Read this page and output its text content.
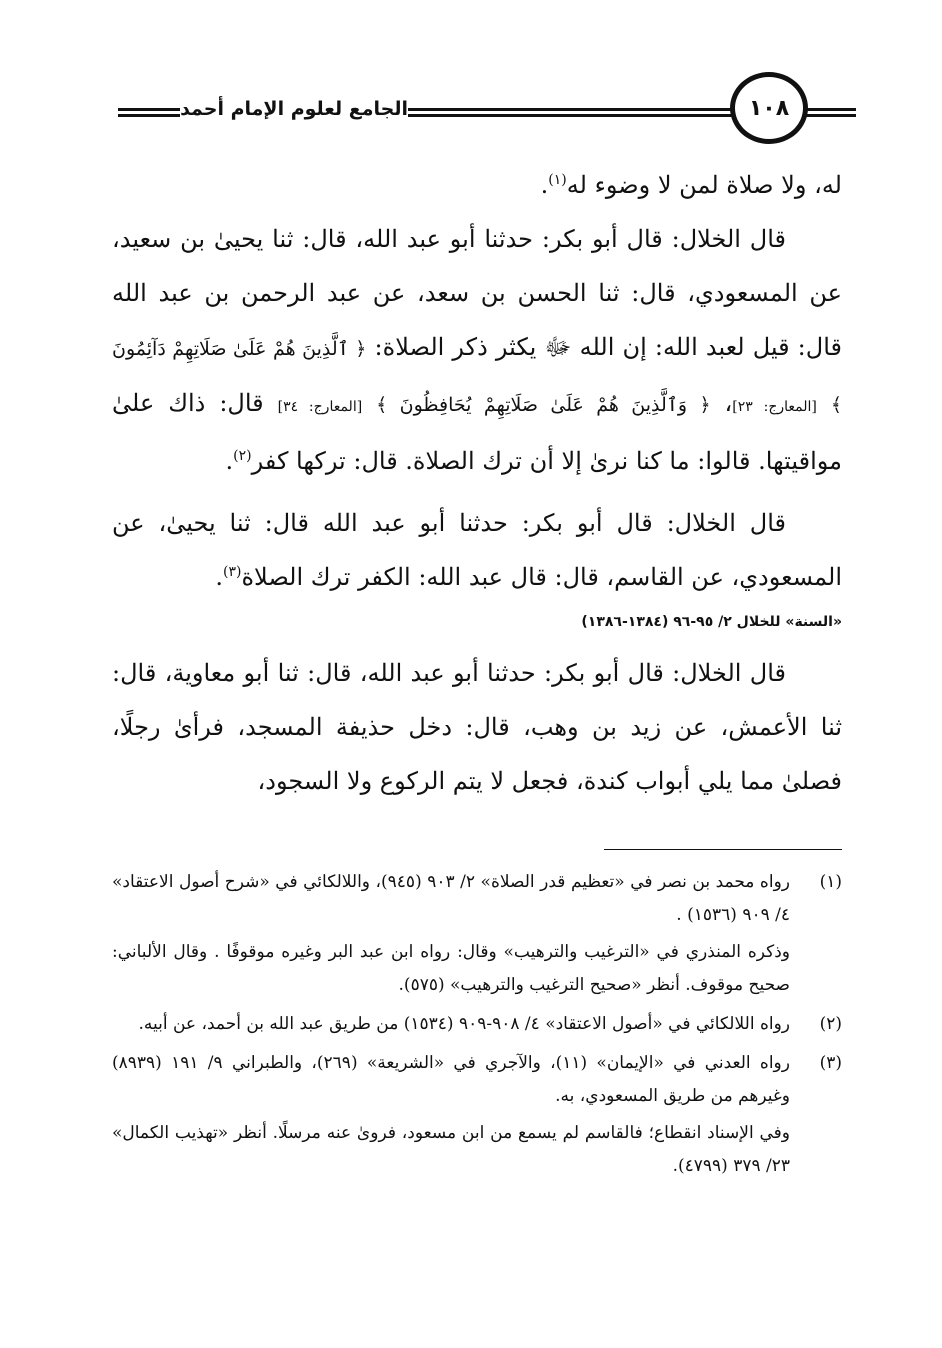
الجامع لعلوم الإمام أحمد	١٠٨

له، ولا صلاة لمن لا وضوء له$^{(١)}$.

قال الخلال: قال أبو بكر: حدثنا أبو عبد الله، قال: ثنا يحيىٰ بن سعيد، عن المسعودي، قال: ثنا الحسن بن سعد، عن عبد الرحمن بن عبد الله قال: قيل لعبد الله: إن الله ﷻ يكثر ذكر الصلاة: ﴿ ٱلَّذِينَ هُمْ عَلَىٰ صَلَاتِهِمْ دَآئِمُونَ ﴾ [المعارج: ٢٣]، ﴿ وَٱلَّذِينَ هُمْ عَلَىٰ صَلَاتِهِمْ يُحَافِظُونَ ﴾ [المعارج: ٣٤] قال: ذاك علىٰ مواقيتها. قالوا: ما كنا نرىٰ إلا أن ترك الصلاة. قال: تركها كفر$^{(٢)}$.

قال الخلال: قال أبو بكر: حدثنا أبو عبد الله قال: ثنا يحيىٰ، عن المسعودي، عن القاسم، قال: قال عبد الله: الكفر ترك الصلاة$^{(٣)}$.

«السنة» للخلال ٢/ ٩٥-٩٦ (١٣٨٤-١٣٨٦)

قال الخلال: قال أبو بكر: حدثنا أبو عبد الله، قال: ثنا أبو معاوية، قال: ثنا الأعمش، عن زيد بن وهب، قال: دخل حذيفة المسجد، فرأىٰ رجلًا، فصلىٰ مما يلي أبواب كندة، فجعل لا يتم الركوع ولا السجود،

(١)
رواه محمد بن نصر في «تعظيم قدر الصلاة» ٢/ ٩٠٣ (٩٤٥)، واللالكائي في «شرح أصول الاعتقاد» ٤/ ٩٠٩ (١٥٣٦) .
وذكره المنذري في «الترغيب والترهيب» وقال: رواه ابن عبد البر وغيره موقوفًا . وقال الألباني: صحيح موقوف. أنظر «صحيح الترغيب والترهيب» (٥٧٥).
(٢)
رواه اللالكائي في «أصول الاعتقاد» ٤/ ٩٠٨-٩٠٩ (١٥٣٤) من طريق عبد الله بن أحمد، عن أبيه.
(٣)
رواه العدني في «الإيمان» (١١)، والآجري في «الشريعة» (٢٦٩)، والطبراني ٩/ ١٩١ (٨٩٣٩) وغيرهم من طريق المسعودي، به.
وفي الإسناد انقطاع؛ فالقاسم لم يسمع من ابن مسعود، فروىٰ عنه مرسلًا. أنظر «تهذيب الكمال» ٢٣/ ٣٧٩ (٤٧٩٩).
